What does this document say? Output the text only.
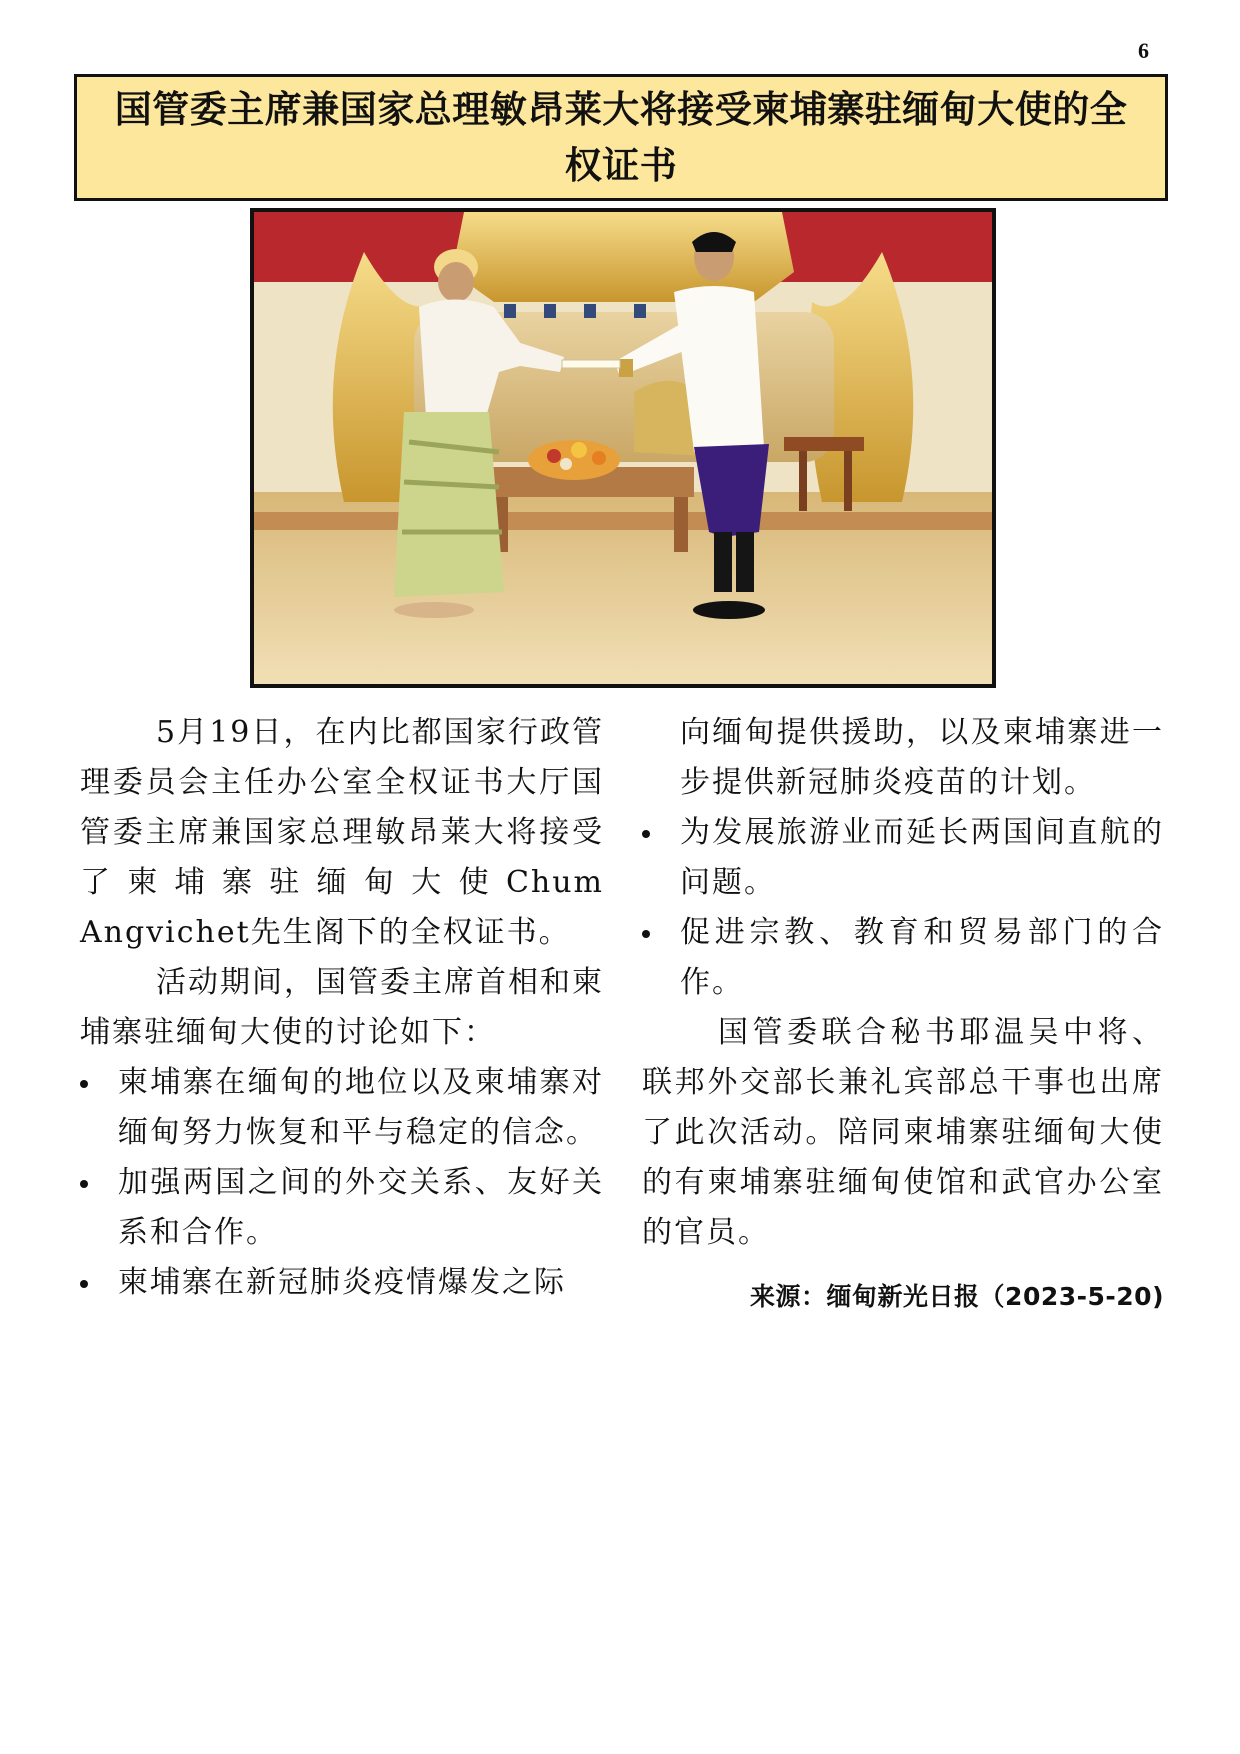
6
国管委主席兼国家总理敏昂莱大将接受柬埔寨驻缅甸大使的全权证书

5月19日，在内比都国家行政管理委员会主任办公室全权证书大厅国管委主席兼国家总理敏昂莱大将接受了柬埔寨驻缅甸大使Chum Angvichet先生阁下的全权证书。

活动期间，国管委主席首相和柬埔寨驻缅甸大使的讨论如下：

柬埔寨在缅甸的地位以及柬埔寨对缅甸努力恢复和平与稳定的信念。
加强两国之间的外交关系、友好关系和合作。
柬埔寨在新冠肺炎疫情爆发之际

向缅甸提供援助，以及柬埔寨进一步提供新冠肺炎疫苗的计划。

为发展旅游业而延长两国间直航的问题。
促进宗教、教育和贸易部门的合作。

国管委联合秘书耶温吴中将、联邦外交部长兼礼宾部总干事也出席了此次活动。陪同柬埔寨驻缅甸大使的有柬埔寨驻缅甸使馆和武官办公室的官员。

来源：缅甸新光日报（2023-5-20)
